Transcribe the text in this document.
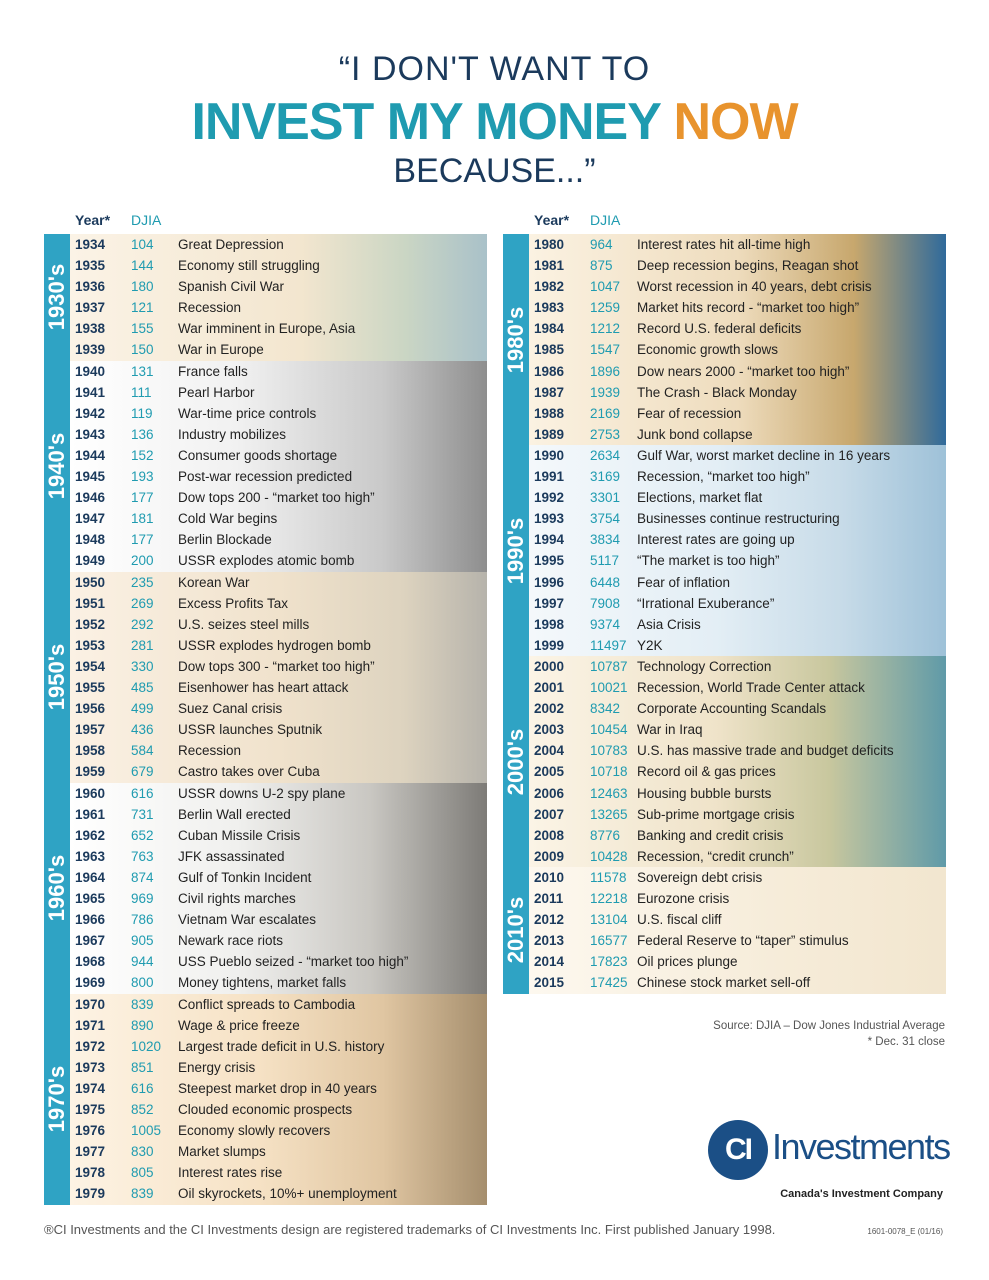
“I DON'T WANT TO
INVEST MY MONEY NOW
BECAUSE...”
Year* DJIA
1930's
1934 104 Great Depression
1935 144 Economy still struggling
1936 180 Spanish Civil War
1937 121 Recession
1938 155 War imminent in Europe, Asia
1939 150 War in Europe
1940's
1940 131 France falls
1941 111 Pearl Harbor
1942 119 War-time price controls
1943 136 Industry mobilizes
1944 152 Consumer goods shortage
1945 193 Post-war recession predicted
1946 177 Dow tops 200 - “market too high”
1947 181 Cold War begins
1948 177 Berlin Blockade
1949 200 USSR explodes atomic bomb
1950's
1950 235 Korean War
1951 269 Excess Profits Tax
1952 292 U.S. seizes steel mills
1953 281 USSR explodes hydrogen bomb
1954 330 Dow tops 300 - “market too high”
1955 485 Eisenhower has heart attack
1956 499 Suez Canal crisis
1957 436 USSR launches Sputnik
1958 584 Recession
1959 679 Castro takes over Cuba
1960's
1960 616 USSR downs U-2 spy plane
1961 731 Berlin Wall erected
1962 652 Cuban Missile Crisis
1963 763 JFK assassinated
1964 874 Gulf of Tonkin Incident
1965 969 Civil rights marches
1966 786 Vietnam War escalates
1967 905 Newark race riots
1968 944 USS Pueblo seized - “market too high”
1969 800 Money tightens, market falls
1970's
1970 839 Conflict spreads to Cambodia
1971 890 Wage & price freeze
1972 1020 Largest trade deficit in U.S. history
1973 851 Energy crisis
1974 616 Steepest market drop in 40 years
1975 852 Clouded economic prospects
1976 1005 Economy slowly recovers
1977 830 Market slumps
1978 805 Interest rates rise
1979 839 Oil skyrockets, 10%+ unemployment
Year* DJIA
1980's
1980 964 Interest rates hit all-time high
1981 875 Deep recession begins, Reagan shot
1982 1047 Worst recession in 40 years, debt crisis
1983 1259 Market hits record - “market too high”
1984 1212 Record U.S. federal deficits
1985 1547 Economic growth slows
1986 1896 Dow nears 2000 - “market too high”
1987 1939 The Crash - Black Monday
1988 2169 Fear of recession
1989 2753 Junk bond collapse
1990's
1990 2634 Gulf War, worst market decline in 16 years
1991 3169 Recession, “market too high”
1992 3301 Elections, market flat
1993 3754 Businesses continue restructuring
1994 3834 Interest rates are going up
1995 5117 “The market is too high”
1996 6448 Fear of inflation
1997 7908 “Irrational Exuberance”
1998 9374 Asia Crisis
1999 11497 Y2K
2000's
2000 10787 Technology Correction
2001 10021 Recession, World Trade Center attack
2002 8342 Corporate Accounting Scandals
2003 10454 War in Iraq
2004 10783 U.S. has massive trade and budget deficits
2005 10718 Record oil & gas prices
2006 12463 Housing bubble bursts
2007 13265 Sub-prime mortgage crisis
2008 8776 Banking and credit crisis
2009 10428 Recession, “credit crunch”
2010's
2010 11578 Sovereign debt crisis
2011 12218 Eurozone crisis
2012 13104 U.S. fiscal cliff
2013 16577 Federal Reserve to “taper” stimulus
2014 17823 Oil prices plunge
2015 17425 Chinese stock market sell-off
Source: DJIA – Dow Jones Industrial Average
* Dec. 31 close
CI Investments
Canada's Investment Company
®CI Investments and the CI Investments design are registered trademarks of CI Investments Inc. First published January 1998.	1601-0078_E (01/16)
